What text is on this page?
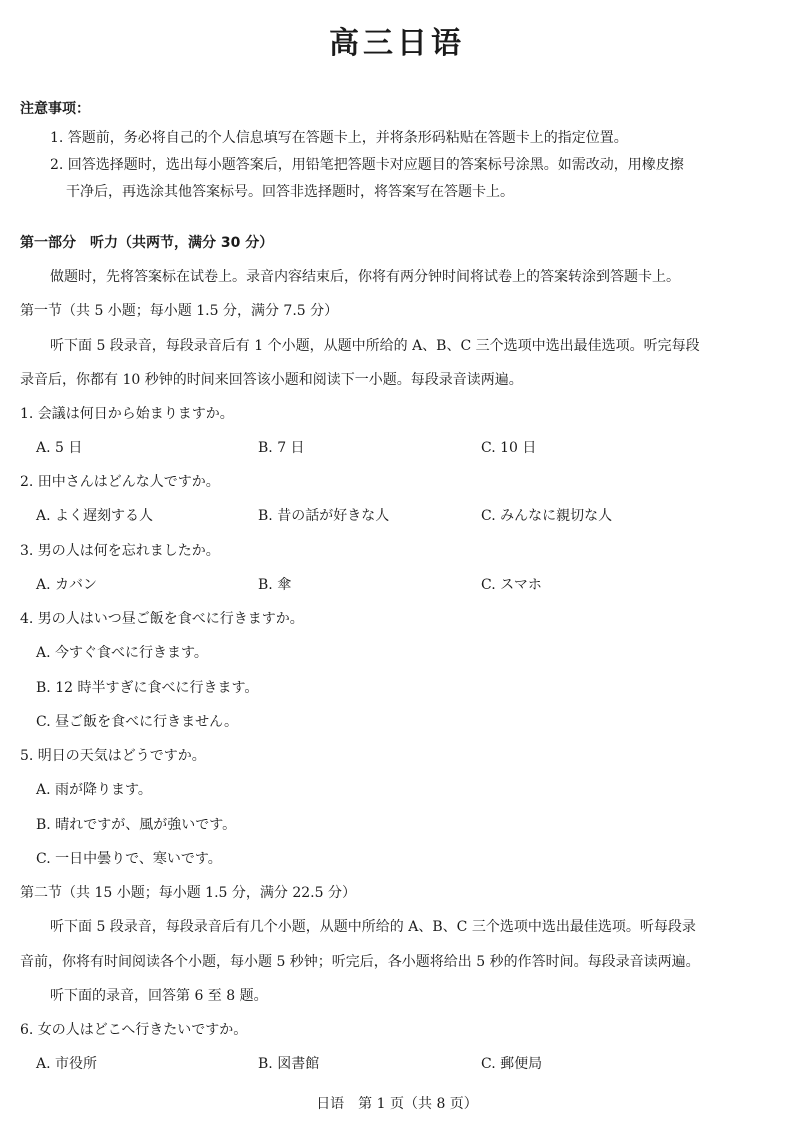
高三日语
注意事项：
1. 答题前，务必将自己的个人信息填写在答题卡上，并将条形码粘贴在答题卡上的指定位置。
2. 回答选择题时，选出每小题答案后，用铅笔把答题卡对应题目的答案标号涂黑。如需改动，用橡皮擦
干净后，再选涂其他答案标号。回答非选择题时，将答案写在答题卡上。
第一部分　听力（共两节，满分 30 分）
做题时，先将答案标在试卷上。录音内容结束后，你将有两分钟时间将试卷上的答案转涂到答题卡上。
第一节（共 5 小题；每小题 1.5 分，满分 7.5 分）
听下面 5 段录音，每段录音后有 1 个小题，从题中所给的 A、B、C 三个选项中选出最佳选项。听完每段
录音后，你都有 10 秒钟的时间来回答该小题和阅读下一小题。每段录音读两遍。
1. 会議は何日から始まりますか。
A. 5 日	B. 7 日	C. 10 日
2. 田中さんはどんな人ですか。
A. よく遅刻する人	B. 昔の話が好きな人	C. みんなに親切な人
3. 男の人は何を忘れましたか。
A. カバン	B. 傘	C. スマホ
4. 男の人はいつ昼ご飯を食べに行きますか。
A. 今すぐ食べに行きます。
B. 12 時半すぎに食べに行きます。
C. 昼ご飯を食べに行きません。
5. 明日の天気はどうですか。
A. 雨が降ります。
B. 晴れですが、風が強いです。
C. 一日中曇りで、寒いです。
第二节（共 15 小题；每小题 1.5 分，满分 22.5 分）
听下面 5 段录音，每段录音后有几个小题，从题中所给的 A、B、C 三个选项中选出最佳选项。听每段录
音前，你将有时间阅读各个小题，每小题 5 秒钟；听完后，各小题将给出 5 秒的作答时间。每段录音读两遍。
听下面的录音，回答第 6 至 8 题。
6. 女の人はどこへ行きたいですか。
A. 市役所	B. 図書館	C. 郵便局
日语　第 1 页（共 8 页）
